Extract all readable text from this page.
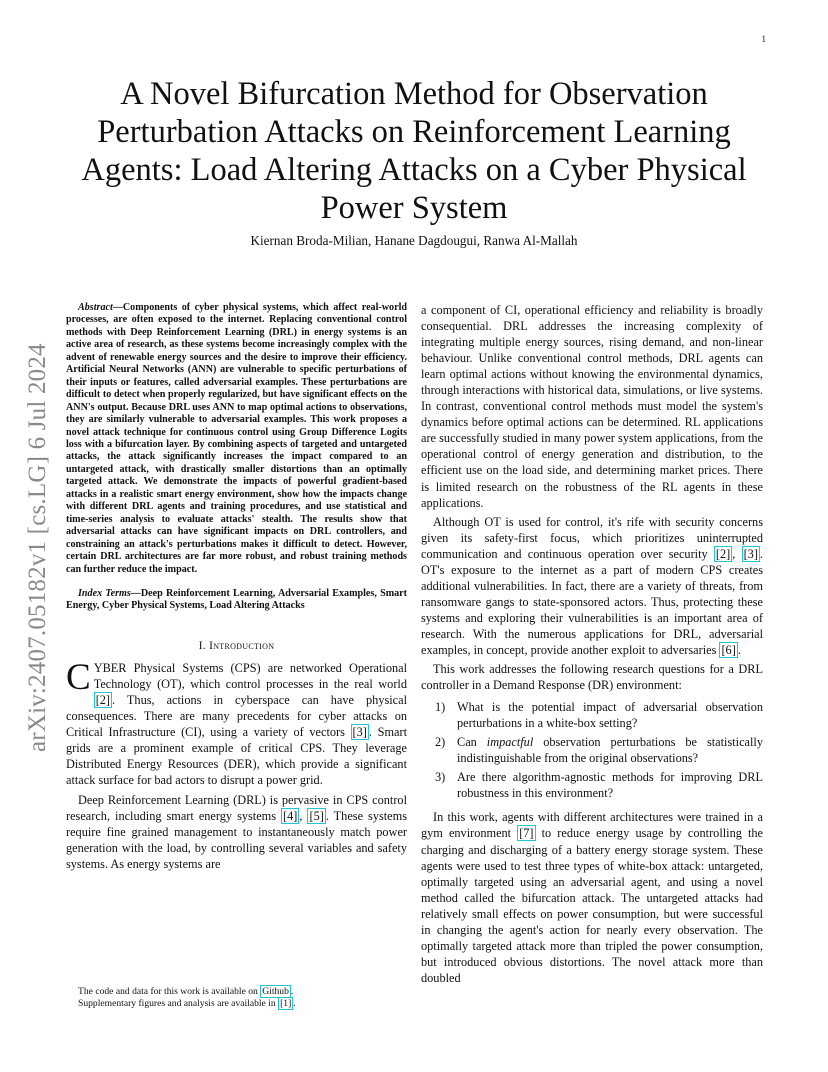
1
A Novel Bifurcation Method for Observation Perturbation Attacks on Reinforcement Learning Agents: Load Altering Attacks on a Cyber Physical Power System
Kiernan Broda-Milian, Hanane Dagdougui, Ranwa Al-Mallah
arXiv:2407.05182v1 [cs.LG] 6 Jul 2024

Abstract—Components of cyber physical systems, which affect real-world processes, are often exposed to the internet. Replacing conventional control methods with Deep Reinforcement Learning (DRL) in energy systems is an active area of research, as these systems become increasingly complex with the advent of renewable energy sources and the desire to improve their efficiency. Artificial Neural Networks (ANN) are vulnerable to specific perturbations of their inputs or features, called adversarial examples. These perturbations are difficult to detect when properly regularized, but have significant effects on the ANN's output. Because DRL uses ANN to map optimal actions to observations, they are similarly vulnerable to adversarial examples. This work proposes a novel attack technique for continuous control using Group Difference Logits loss with a bifurcation layer. By combining aspects of targeted and untargeted attacks, the attack significantly increases the impact compared to an untargeted attack, with drastically smaller distortions than an optimally targeted attack. We demonstrate the impacts of powerful gradient-based attacks in a realistic smart energy environment, show how the impacts change with different DRL agents and training procedures, and use statistical and time-series analysis to evaluate attacks' stealth. The results show that adversarial attacks can have significant impacts on DRL controllers, and constraining an attack's perturbations makes it difficult to detect. However, certain DRL architectures are far more robust, and robust training methods can further reduce the impact.

Index Terms—Deep Reinforcement Learning, Adversarial Examples, Smart Energy, Cyber Physical Systems, Load Altering Attacks

I. Introduction

CYBER Physical Systems (CPS) are networked Operational Technology (OT), which control processes in the real world [2] . Thus, actions in cyberspace can have physical consequences. There are many precedents for cyber attacks on Critical Infrastructure (CI), using a variety of vectors [3] . Smart grids are a prominent example of critical CPS. They leverage Distributed Energy Resources (DER), which provide a significant attack surface for bad actors to disrupt a power grid.

Deep Reinforcement Learning (DRL) is pervasive in CPS control research, including smart energy systems [4] , [5] . These systems require fine grained management to instantaneously match power generation with the load, by controlling several variables and safety systems. As energy systems are

The code and data for this work is available on Github .

Supplementary figures and analysis are available in [1] .

a component of CI, operational efficiency and reliability is broadly consequential. DRL addresses the increasing complexity of integrating multiple energy sources, rising demand, and non-linear behaviour. Unlike conventional control methods, DRL agents can learn optimal actions without knowing the environmental dynamics, through interactions with historical data, simulations, or live systems. In contrast, conventional control methods must model the system's dynamics before optimal actions can be determined. RL applications are successfully studied in many power system applications, from the operational control of energy generation and distribution, to the efficient use on the load side, and determining market prices. There is limited research on the robustness of the RL agents in these applications.

Although OT is used for control, it's rife with security concerns given its safety-first focus, which prioritizes uninterrupted communication and continuous operation over security [2] , [3] . OT's exposure to the internet as a part of modern CPS creates additional vulnerabilities. In fact, there are a variety of threats, from ransomware gangs to state-sponsored actors. Thus, protecting these systems and exploring their vulnerabilities is an important area of research. With the numerous applications for DRL, adversarial examples, in concept, provide another exploit to adversaries [6] .

This work addresses the following research questions for a DRL controller in a Demand Response (DR) environment:

1) What is the potential impact of adversarial observation perturbations in a white-box setting?
2) Can impactful observation perturbations be statistically indistinguishable from the original observations?
3) Are there algorithm-agnostic methods for improving DRL robustness in this environment?

In this work, agents with different architectures were trained in a gym environment [7] to reduce energy usage by controlling the charging and discharging of a battery energy storage system. These agents were used to test three types of white-box attack: untargeted, optimally targeted using an adversarial agent, and using a novel method called the bifurcation attack. The untargeted attacks had relatively small effects on power consumption, but were successful in changing the agent's action for nearly every observation. The optimally targeted attack more than tripled the power consumption, but introduced obvious distortions. The novel attack more than doubled
